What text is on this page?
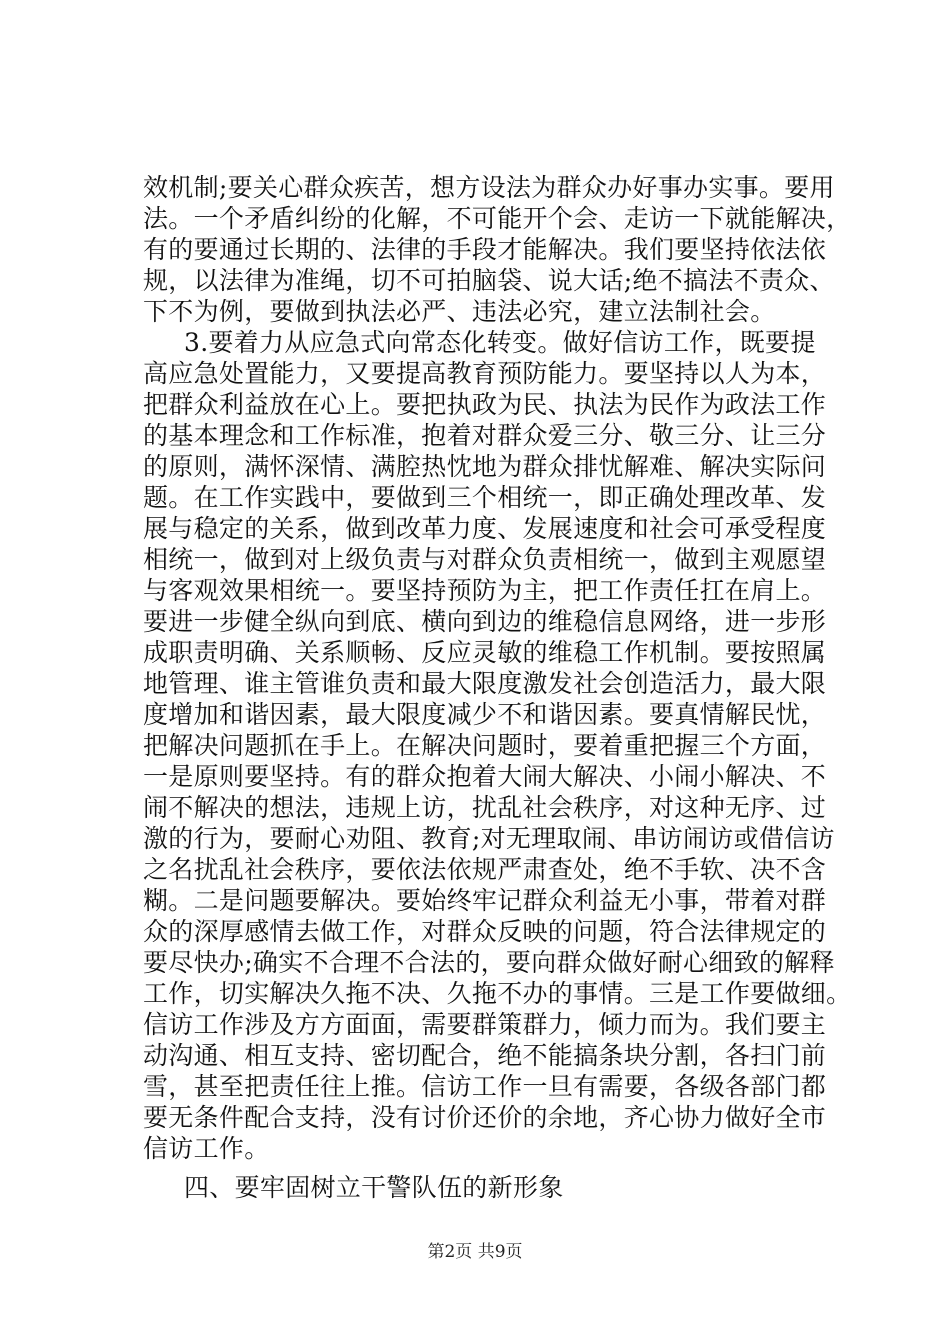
效机制;要关心群众疾苦，想方设法为群众办好事办实事。要用
法。一个矛盾纠纷的化解，不可能开个会、走访一下就能解决，
有的要通过长期的、法律的手段才能解决。我们要坚持依法依
规，以法律为准绳，切不可拍脑袋、说大话;绝不搞法不责众、
下不为例，要做到执法必严、违法必究，建立法制社会。
3.要着力从应急式向常态化转变。做好信访工作，既要提
高应急处置能力，又要提高教育预防能力。要坚持以人为本，
把群众利益放在心上。要把执政为民、执法为民作为政法工作
的基本理念和工作标准，抱着对群众爱三分、敬三分、让三分
的原则，满怀深情、满腔热忱地为群众排忧解难、解决实际问
题。在工作实践中，要做到三个相统一，即正确处理改革、发
展与稳定的关系，做到改革力度、发展速度和社会可承受程度
相统一，做到对上级负责与对群众负责相统一，做到主观愿望
与客观效果相统一。要坚持预防为主，把工作责任扛在肩上。
要进一步健全纵向到底、横向到边的维稳信息网络，进一步形
成职责明确、关系顺畅、反应灵敏的维稳工作机制。要按照属
地管理、谁主管谁负责和最大限度激发社会创造活力，最大限
度增加和谐因素，最大限度减少不和谐因素。要真情解民忧，
把解决问题抓在手上。在解决问题时，要着重把握三个方面，
一是原则要坚持。有的群众抱着大闹大解决、小闹小解决、不
闹不解决的想法，违规上访，扰乱社会秩序，对这种无序、过
激的行为，要耐心劝阻、教育;对无理取闹、串访闹访或借信访
之名扰乱社会秩序，要依法依规严肃查处，绝不手软、决不含
糊。二是问题要解决。要始终牢记群众利益无小事，带着对群
众的深厚感情去做工作，对群众反映的问题，符合法律规定的
要尽快办;确实不合理不合法的，要向群众做好耐心细致的解释
工作，切实解决久拖不决、久拖不办的事情。三是工作要做细。
信访工作涉及方方面面，需要群策群力，倾力而为。我们要主
动沟通、相互支持、密切配合，绝不能搞条块分割，各扫门前
雪，甚至把责任往上推。信访工作一旦有需要，各级各部门都
要无条件配合支持，没有讨价还价的余地，齐心协力做好全市
信访工作。
四、要牢固树立干警队伍的新形象
第2页 共9页
